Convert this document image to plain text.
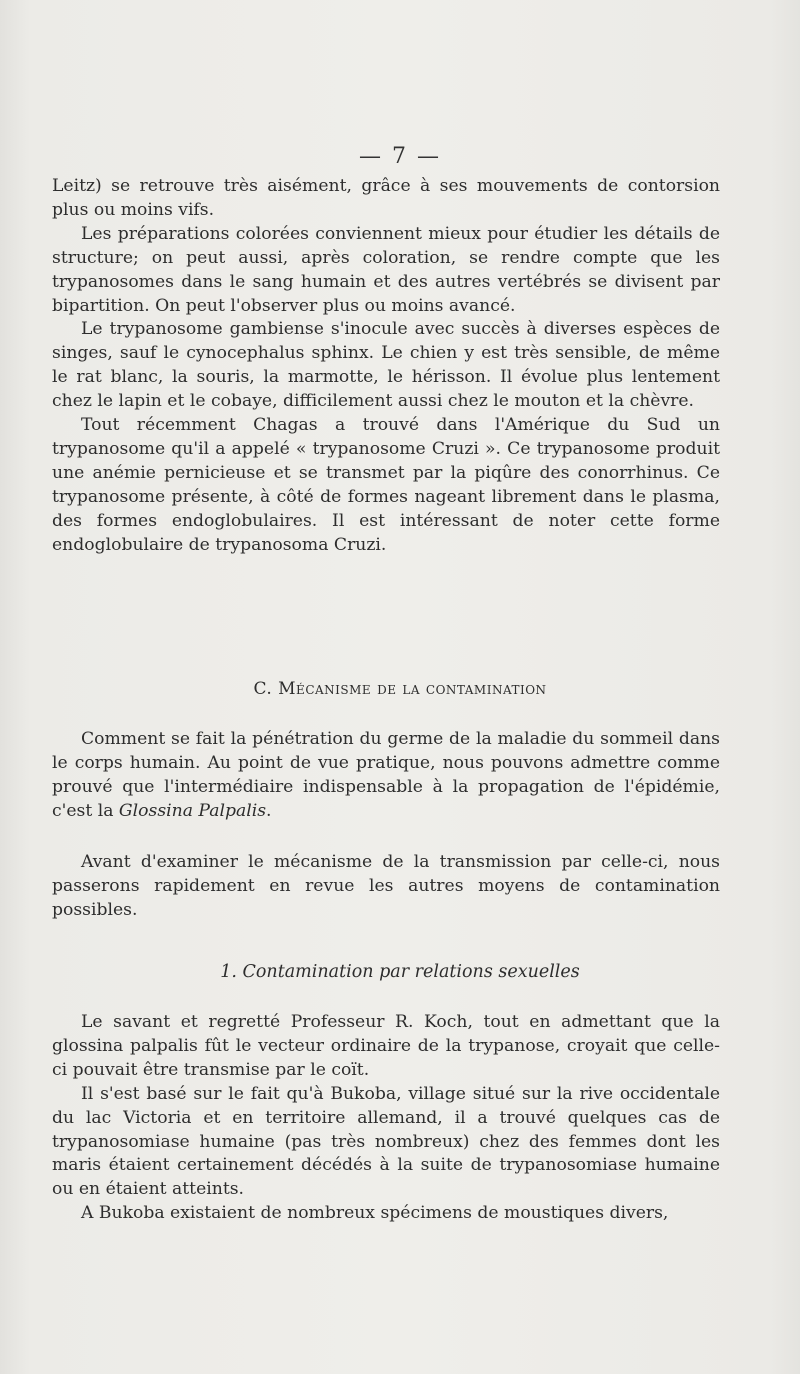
— 7 —

Leitz) se retrouve très aisément, grâce à ses mouvements de contorsion plus ou moins vifs.

Les préparations colorées conviennent mieux pour étudier les détails de structure; on peut aussi, après coloration, se rendre compte que les trypanosomes dans le sang humain et des autres vertébrés se divisent par bipartition. On peut l'observer plus ou moins avancé.

Le trypanosome gambiense s'inocule avec succès à diverses espèces de singes, sauf le cynocephalus sphinx. Le chien y est très sensible, de même le rat blanc, la souris, la marmotte, le hérisson. Il évolue plus lentement chez le lapin et le cobaye, difficilement aussi chez le mouton et la chèvre.

Tout récemment Chagas a trouvé dans l'Amérique du Sud un trypanosome qu'il a appelé « trypanosome Cruzi ». Ce trypanosome produit une anémie pernicieuse et se transmet par la piqûre des conorrhinus. Ce trypanosome présente, à côté de formes nageant librement dans le plasma, des formes endoglobulaires. Il est intéressant de noter cette forme endoglobulaire de trypanosoma Cruzi.

C. Mécanisme de la contamination

Comment se fait la pénétration du germe de la maladie du sommeil dans le corps humain. Au point de vue pratique, nous pouvons admettre comme prouvé que l'intermédiaire indispensable à la propagation de l'épidémie, c'est la Glossina Palpalis.

Avant d'examiner le mécanisme de la transmission par celle-ci, nous passerons rapidement en revue les autres moyens de contamination possibles.

1. Contamination par relations sexuelles

Le savant et regretté Professeur R. Koch, tout en admettant que la glossina palpalis fût le vecteur ordinaire de la trypanose, croyait que celle-ci pouvait être transmise par le coït.

Il s'est basé sur le fait qu'à Bukoba, village situé sur la rive occidentale du lac Victoria et en territoire allemand, il a trouvé quelques cas de trypanosomiase humaine (pas très nombreux) chez des femmes dont les maris étaient certainement décédés à la suite de trypanosomiase humaine ou en étaient atteints.

A Bukoba existaient de nombreux spécimens de moustiques divers,
